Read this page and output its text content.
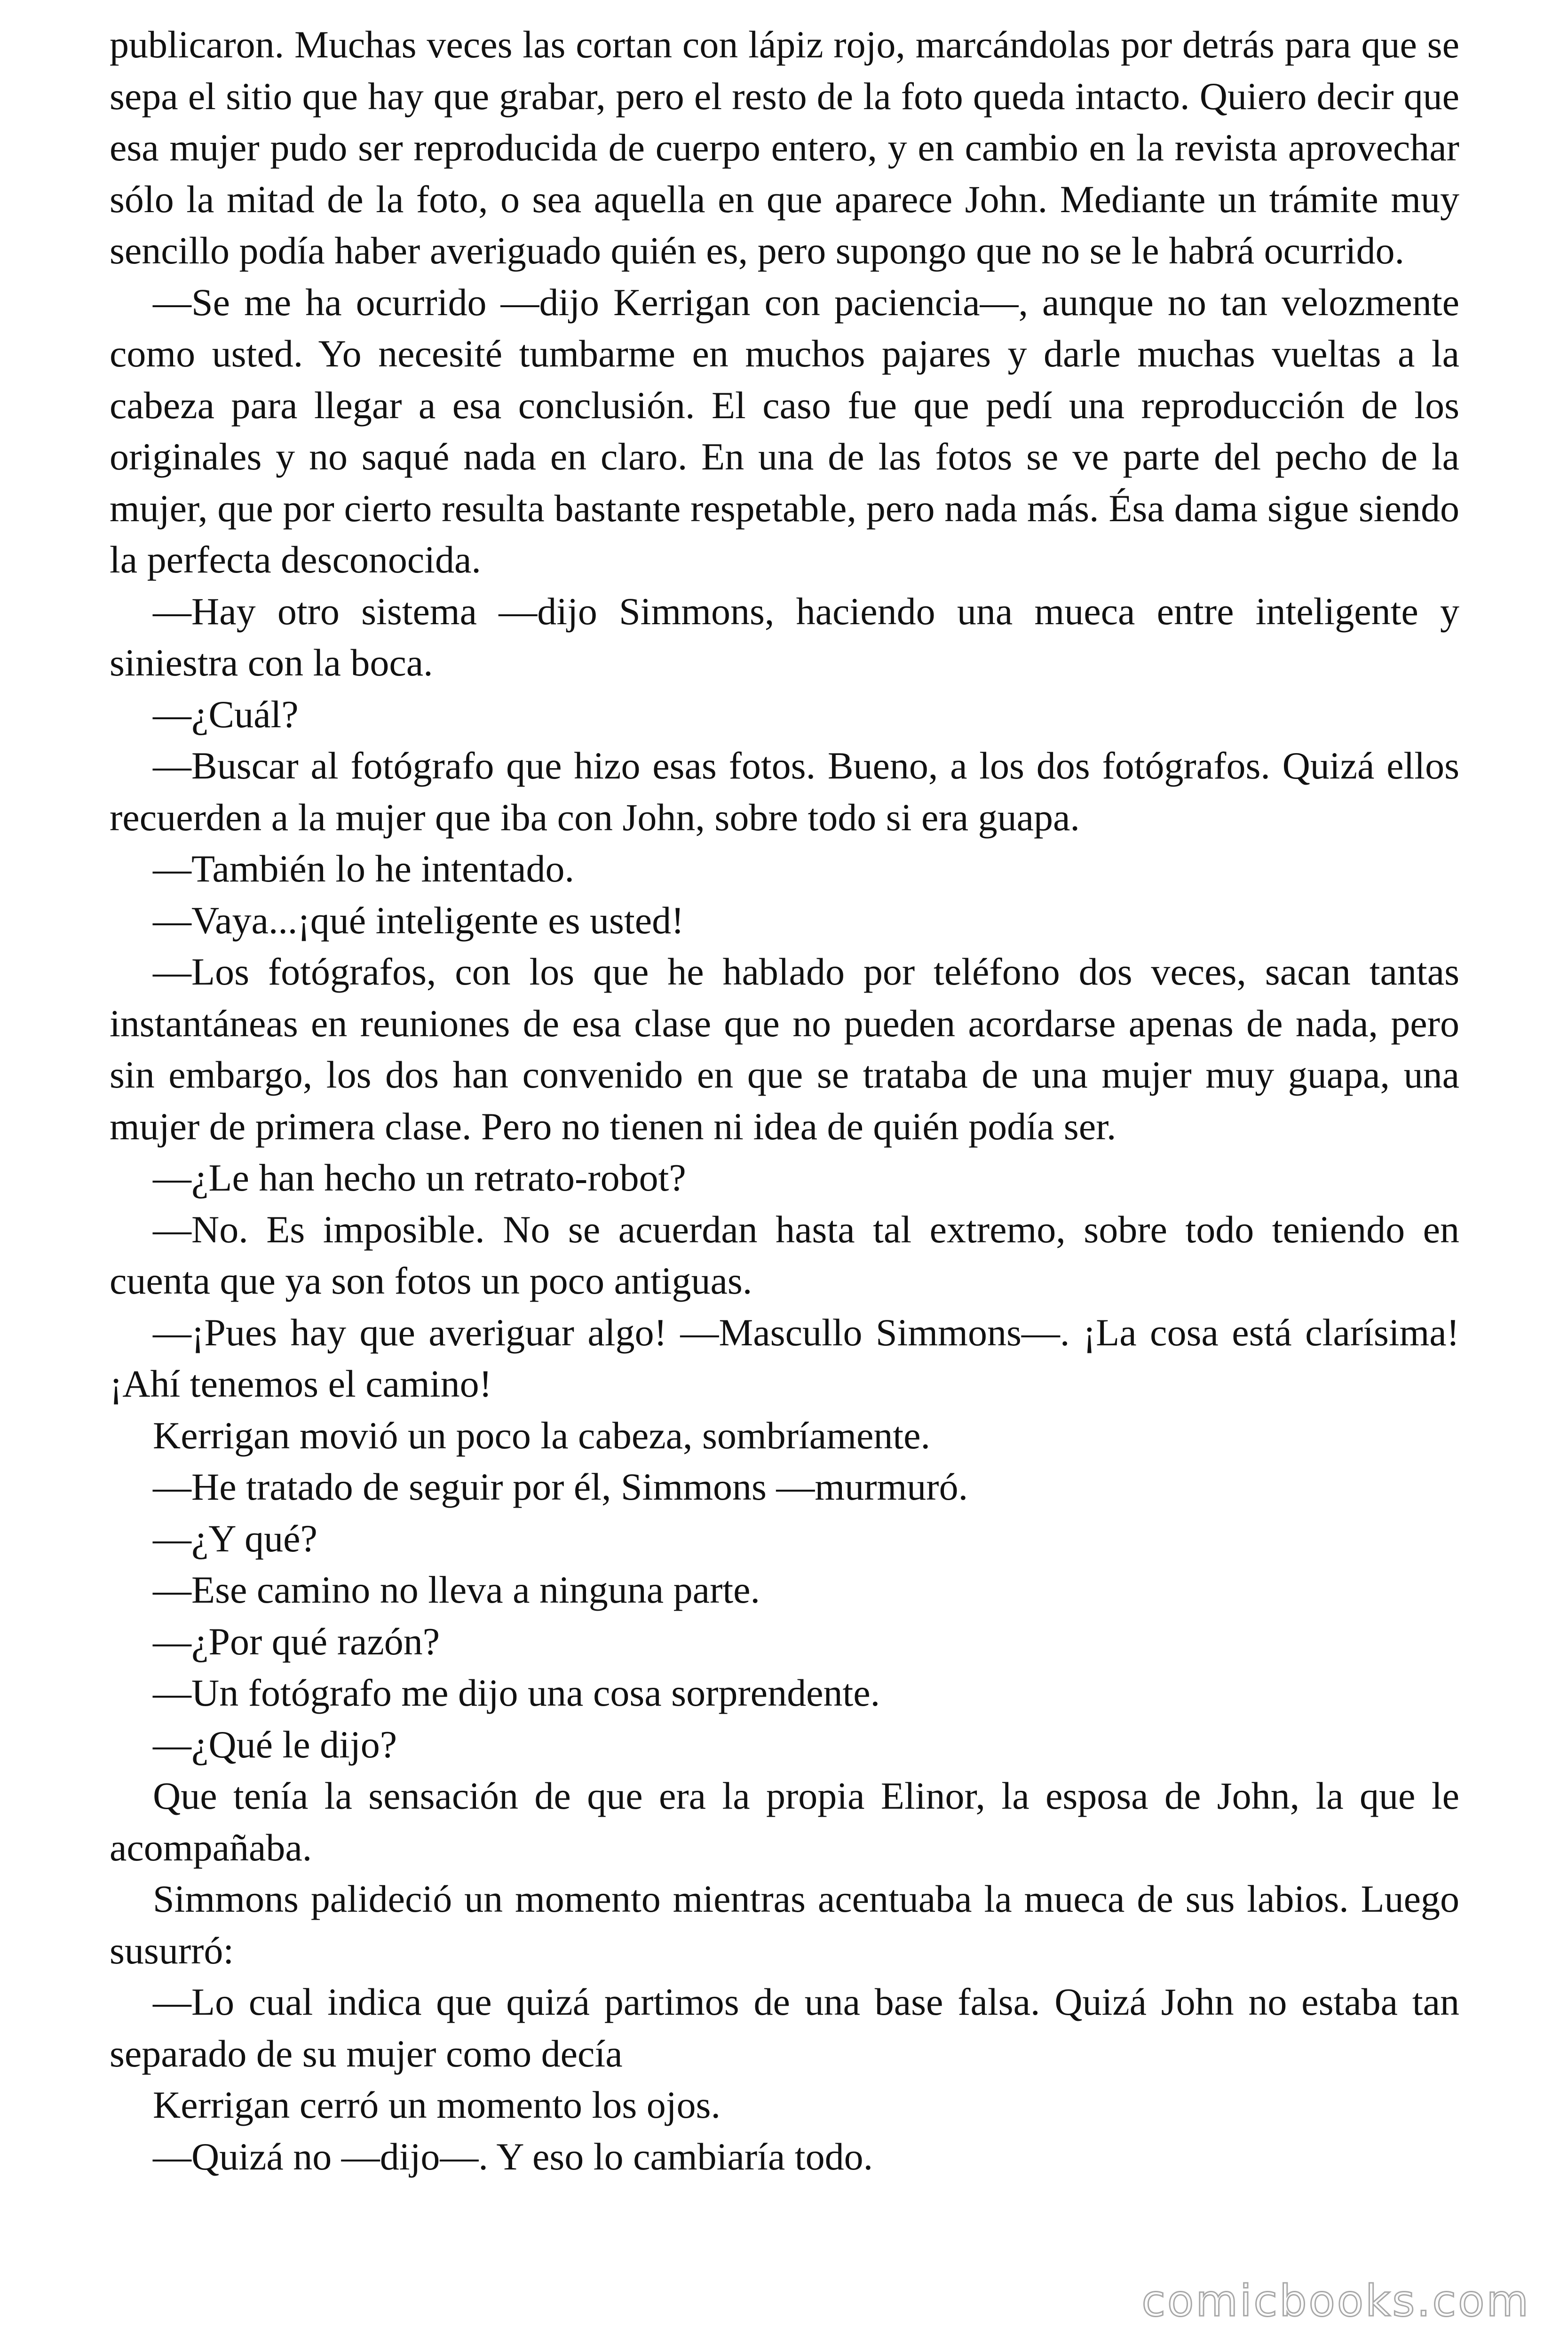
publicaron. Muchas veces las cortan con lápiz rojo, marcándolas por detrás para que se sepa el sitio que hay que grabar, pero el resto de la foto queda intacto. Quiero decir que esa mujer pudo ser reproducida de cuerpo entero, y en cambio en la revista aprovechar sólo la mitad de la foto, o sea aquella en que aparece John. Mediante un trámite muy sencillo podía haber averiguado quién es, pero supongo que no se le habrá ocurrido.

—Se me ha ocurrido —dijo Kerrigan con paciencia—, aunque no tan velozmente como usted. Yo necesité tumbarme en muchos pajares y darle muchas vueltas a la cabeza para llegar a esa conclusión. El caso fue que pedí una reproducción de los originales y no saqué nada en claro. En una de las fotos se ve parte del pecho de la mujer, que por cierto resulta bastante respetable, pero nada más. Ésa dama sigue siendo la perfecta desconocida.

—Hay otro sistema —dijo Simmons, haciendo una mueca entre inteligente y siniestra con la boca.

—¿Cuál?

—Buscar al fotógrafo que hizo esas fotos. Bueno, a los dos fotógrafos. Quizá ellos recuerden a la mujer que iba con John, sobre todo si era guapa.

—También lo he intentado.

—Vaya...¡qué inteligente es usted!

—Los fotógrafos, con los que he hablado por teléfono dos veces, sacan tantas instantáneas en reuniones de esa clase que no pueden acordarse apenas de nada, pero sin embargo, los dos han convenido en que se trataba de una mujer muy guapa, una mujer de primera clase. Pero no tienen ni idea de quién podía ser.

—¿Le han hecho un retrato-robot?

—No. Es imposible. No se acuerdan hasta tal extremo, sobre todo teniendo en cuenta que ya son fotos un poco antiguas.

—¡Pues hay que averiguar algo! —Mascullo Simmons—. ¡La cosa está clarísima! ¡Ahí tenemos el camino!

Kerrigan movió un poco la cabeza, sombríamente.

—He tratado de seguir por él, Simmons —murmuró.

—¿Y qué?

—Ese camino no lleva a ninguna parte.

—¿Por qué razón?

—Un fotógrafo me dijo una cosa sorprendente.

—¿Qué le dijo?

Que tenía la sensación de que era la propia Elinor, la esposa de John, la que le acompañaba.

Simmons palideció un momento mientras acentuaba la mueca de sus labios. Luego susurró:

—Lo cual indica que quizá partimos de una base falsa. Quizá John no estaba tan separado de su mujer como decía

Kerrigan cerró un momento los ojos.

—Quizá no —dijo—. Y eso lo cambiaría todo.

comicbooks.com
